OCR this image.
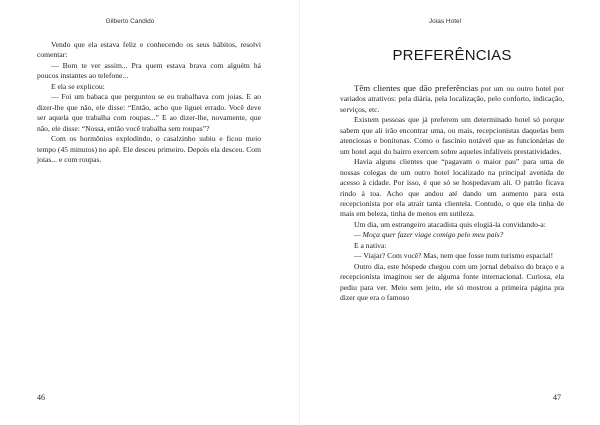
Gilberto Candido

Vendo que ela estava feliz e conhecendo os seus hábitos, resolvi comentar:

— Bom te ver assim... Pra quem estava brava com alguém há poucos instantes ao telefone...

E ela se explicou:

— Foi um babaca que perguntou se eu trabalhava com joias. E ao dizer-lhe que não, ele disse: “Então, acho que liguei errado. Você deve ser aquela que trabalha com roupas...” E ao dizer-lhe, novamente, que não, ele disse: “Nossa, então você trabalha sem roupas”?

Com os hormônios explodindo, o casalzinho subiu e ficou meio tempo (45 minutos) no apê. Ele desceu primeiro. Depois ela desceu. Com joias... e com roupas.

46
Joias Hotel
PREFERÊNCIAS

Têm clientes que dão preferências por um ou outro hotel por variados atrativos: pela diária, pela localização, pelo conforto, indicação, serviços, etc.

Existem pessoas que já preferem um determinado hotel só porque sabem que ali irão encontrar uma, ou mais, recepcionistas daquelas bem atenciosas e bonitonas. Como o fascínio notável que as funcionárias de um hotel aqui do bairro exercem sobre aqueles infalíveis prestatividades.

Havia alguns clientes que “pagavam o maior pau” para uma de nossas colegas de um outro hotel localizado na principal avenida de acesso à cidade. Por isso, é que só se hospedavam ali. O patrão ficava rindo à toa. Acho que andou até dando um aumento para esta recepcionista por ela atrair tanta clientela. Contudo, o que ela tinha de mais em beleza, tinha de menos em sutileza.

Um dia, um estrangeiro atacadista quis elogiá-la convidando-a:

— Moça quer fazer viage comigo pelo meu país?

E a nativa:

— Viajar? Com você? Mas, nem que fosse num turismo espacial!

Outro dia, este hóspede chegou com um jornal debaixo do braço e a recepcionista imaginou ser de alguma fonte internacional. Curiosa, ela pediu para ver. Meio sem jeito, ele só mostrou a primeira página pra dizer que era o famoso

47
